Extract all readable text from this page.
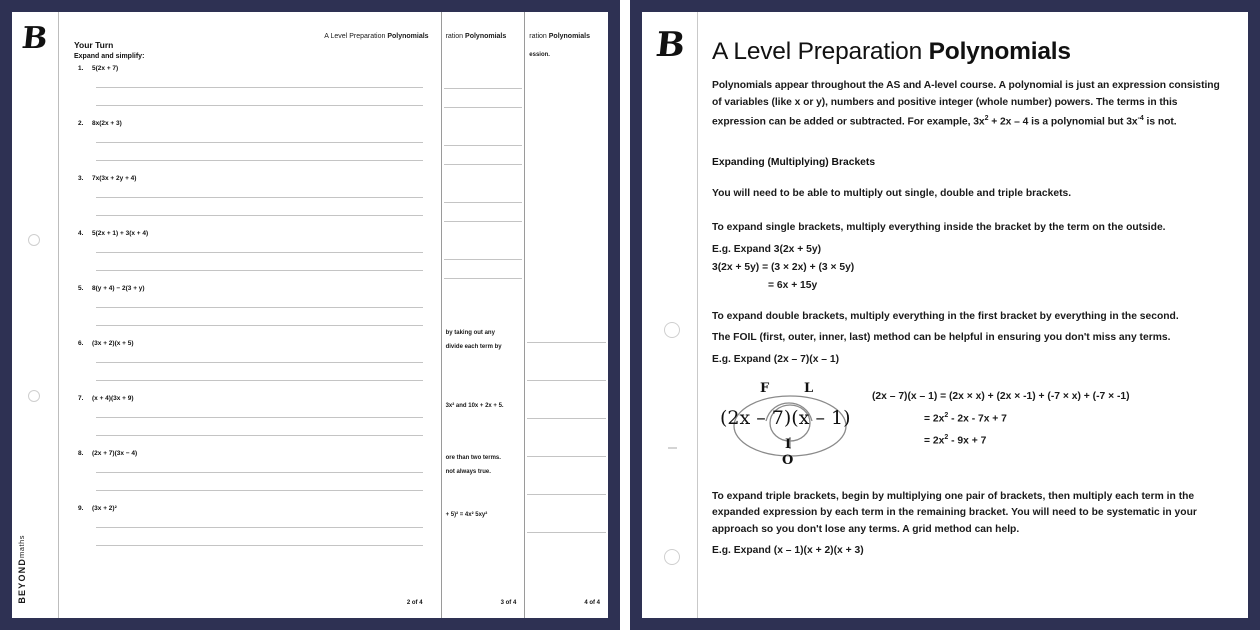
B
BEYONDmaths
A Level Preparation Polynomials
Your Turn
Expand and simplify:
1. 5(2x + 7)
2. 8x(2x + 3)
3. 7x(3x + 2y + 4)
4. 5(2x + 1) + 3(x + 4)
5. 8(y + 4) − 2(3 + y)
6. (3x + 2)(x + 5)
7. (x + 4)(3x + 9)
8. (2x + 7)(3x − 4)
9. (3x + 2)²
2 of 4
ration Polynomials
by taking out any
divide each term by
3x² and 10x + 2x + 5.
ore than two terms.
not always true.
+ 5)² = 4x² 5xy²
3 of 4
ration Polynomials
ession.
4 of 4
B A Level Preparation Polynomials

Polynomials appear throughout the AS and A-level course. A polynomial is just an expression consisting of variables (like x or y), numbers and positive integer (whole number) powers. The terms in this expression can be added or subtracted. For example, $3x^2 + 2x - 4$ is a polynomial but $3x^{-4}$ is not.

Expanding (Multiplying) Brackets
You will need to be able to multiply out single, double and triple brackets.
To expand single brackets, multiply everything inside the bracket by the term on the outside.
E.g. Expand 3(2x + 5y)
3(2x + 5y) = (3 × 2x) + (3 × 5y)
= 6x + 15y
To expand double brackets, multiply everything in the first bracket by everything in the second.
The FOIL (first, outer, inner, last) method can be helpful in ensuring you don't miss any terms.
E.g. Expand (2x – 7)(x – 1)
(2x – 7)(x – 1)
F	L
I
O
(2x – 7)(x – 1) = (2x × x) + (2x × -1) + (-7 × x) + (-7 × -1)
= $2x^2 - 2x - 7x + 7$
= $2x^2 - 9x + 7$
To expand triple brackets, begin by multiplying one pair of brackets, then multiply each term in the expanded expression by each term in the remaining bracket. You will need to be systematic in your approach so you don't lose any terms. A grid method can help.
E.g. Expand (x – 1)(x + 2)(x + 3)
